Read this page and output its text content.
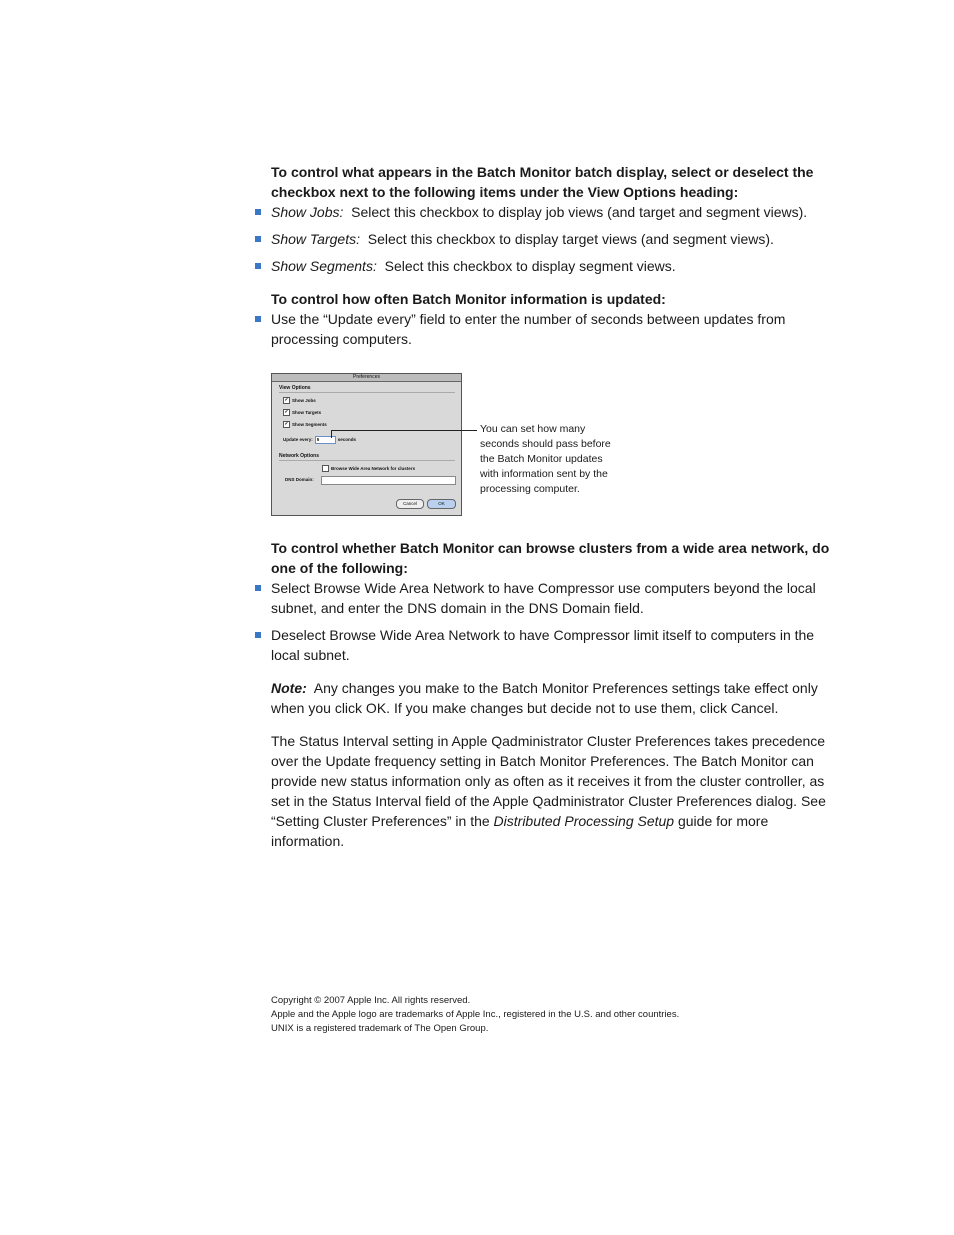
To control what appears in the Batch Monitor batch display, select or deselect the checkbox next to the following items under the View Options heading:

Show Jobs: Select this checkbox to display job views (and target and segment views).
Show Targets: Select this checkbox to display target views (and segment views).
Show Segments: Select this checkbox to display segment views.

To control how often Batch Monitor information is updated:

Use the “Update every” field to enter the number of seconds between updates from processing computers.
Preferences
View Options
✓ Show Jobs
✓ Show Targets
✓ Show Segments
Update every: 5	seconds
Network Options
Browse Wide Area Network for clusters
DNS Domain:
Cancel	OK
You can set how many seconds should pass before the Batch Monitor updates with information sent by the processing computer.

To control whether Batch Monitor can browse clusters from a wide area network, do one of the following:

Select Browse Wide Area Network to have Compressor use computers beyond the local subnet, and enter the DNS domain in the DNS Domain field.
Deselect Browse Wide Area Network to have Compressor limit itself to computers in the local subnet.

Note: Any changes you make to the Batch Monitor Preferences settings take effect only when you click OK. If you make changes but decide not to use them, click Cancel.

The Status Interval setting in Apple Qadministrator Cluster Preferences takes precedence over the Update frequency setting in Batch Monitor Preferences. The Batch Monitor can provide new status information only as often as it receives it from the cluster controller, as set in the Status Interval field of the Apple Qadministrator Cluster Preferences dialog. See “Setting Cluster Preferences” in the Distributed Processing Setup guide for more information.

Copyright © 2007 Apple Inc. All rights reserved.

Apple and the Apple logo are trademarks of Apple Inc., registered in the U.S. and other countries.

UNIX is a registered trademark of The Open Group.
